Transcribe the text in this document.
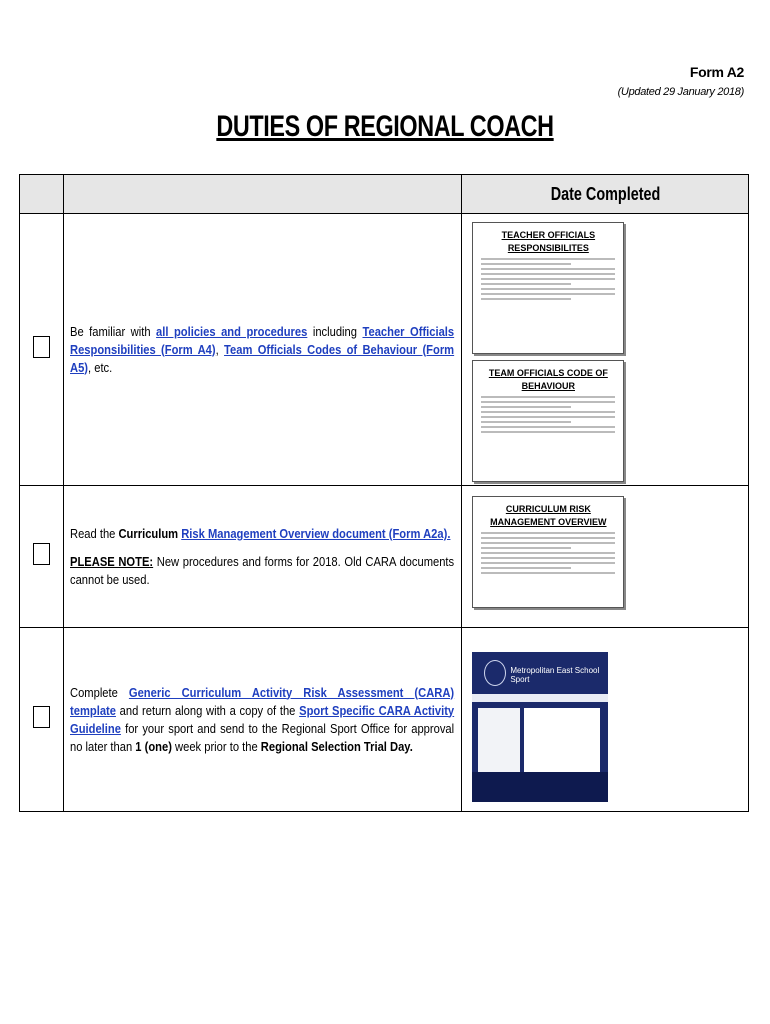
Form A2
(Updated 29 January 2018)
DUTIES OF REGIONAL COACH
		Date Completed

	Be familiar with all policies and procedures including Teacher Officials Responsibilities (Form A4), Team Officials Codes of Behaviour (Form A5), etc.	TEACHER OFFICIALS RESPONSIBILITES
TEAM OFFICIALS CODE OF BEHAVIOUR

	Read the Curriculum Risk Management Overview document (Form A2a).

PLEASE NOTE: New procedures and forms for 2018. Old CARA documents cannot be used.	CURRICULUM RISK MANAGEMENT OVERVIEW

	Complete Generic Curriculum Activity Risk Assessment (CARA) template and return along with a copy of the Sport Specific CARA Activity Guideline for your sport and send to the Regional Sport Office for approval no later than 1 (one) week prior to the Regional Selection Trial Day.	Metropolitan East School Sport
